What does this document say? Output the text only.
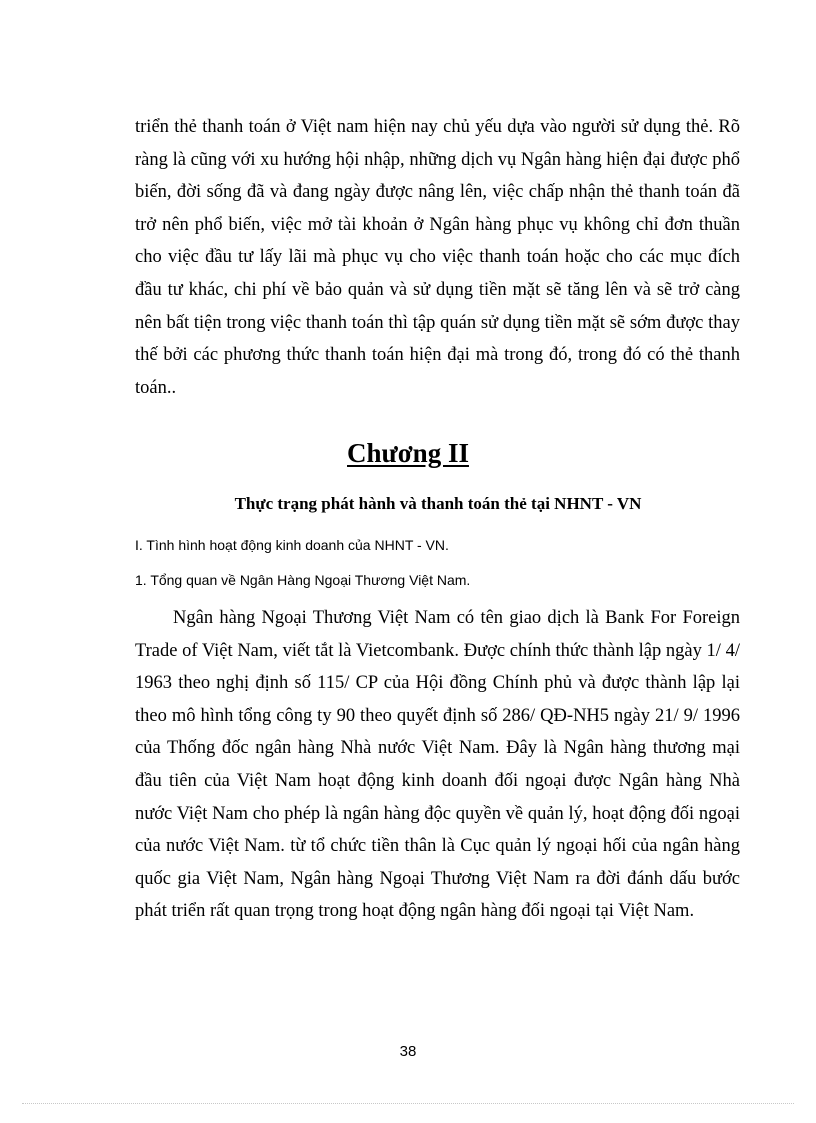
triển thẻ thanh toán ở Việt nam hiện nay chủ yếu dựa vào người sử dụng thẻ. Rõ ràng là cũng với xu hướng hội nhập, những dịch vụ Ngân hàng hiện đại được phổ biến, đời sống đã và đang ngày được nâng lên, việc chấp nhận thẻ thanh toán đã trở nên phổ biến, việc mở tài khoản ở Ngân hàng phục vụ không chỉ đơn thuần cho việc đầu tư lấy lãi mà phục vụ cho việc thanh toán hoặc cho các mục đích đầu tư khác, chi phí về bảo quản và sử dụng tiền mặt sẽ tăng lên và sẽ trở càng nên bất tiện trong việc thanh toán thì tập quán sử dụng tiền mặt sẽ sớm được thay thế bởi các phương thức thanh toán hiện đại mà trong đó, trong đó có thẻ thanh toán..

Chương II
Thực trạng phát hành và thanh toán thẻ tại NHNT - VN

I. Tình hình hoạt động kinh doanh của NHNT - VN.

1. Tổng quan về Ngân Hàng Ngoại Thương Việt Nam.

Ngân hàng Ngoại Thương Việt Nam có tên giao dịch là Bank For Foreign Trade of Việt Nam, viết tắt là Vietcombank. Được chính thức thành lập ngày 1/ 4/ 1963 theo nghị định số 115/ CP của Hội đồng Chính phủ và được thành lập lại theo mô hình tổng công ty 90 theo quyết định số 286/ QĐ-NH5 ngày 21/ 9/ 1996 của Thống đốc ngân hàng Nhà nước Việt Nam. Đây là Ngân hàng thương mại đầu tiên của Việt Nam hoạt động kinh doanh đối ngoại được Ngân hàng Nhà nước Việt Nam cho phép là ngân hàng độc quyền về quản lý, hoạt động đối ngoại của nước Việt Nam. từ tổ chức tiền thân là Cục quản lý ngoại hối của ngân hàng quốc gia Việt Nam, Ngân hàng Ngoại Thương Việt Nam ra đời đánh dấu bước phát triển rất quan trọng trong hoạt động ngân hàng đối ngoại tại Việt Nam.

38
